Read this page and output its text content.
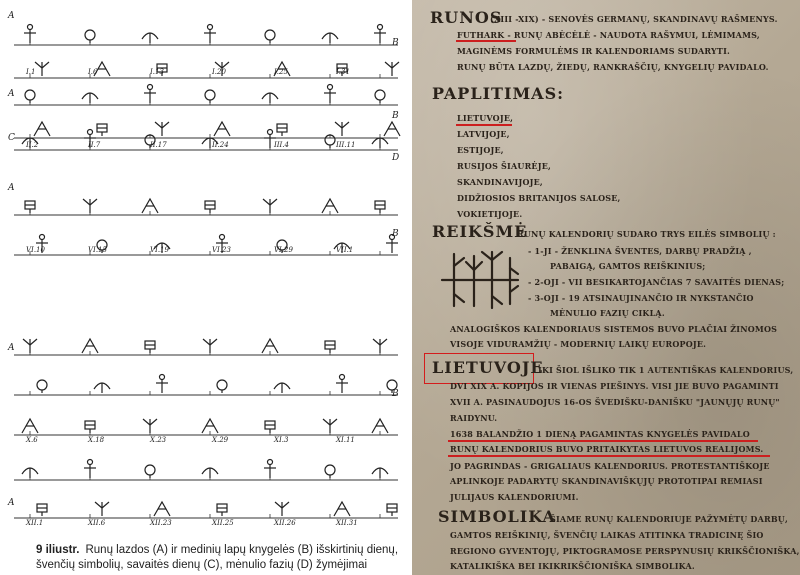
A
B
I.1	I.6	I.13	I.20	I.25	I.31
A
B
C
D
II.2	II.7	II.17	II.24	III.4	III.11
A
B
VI.10	VI.15	VI.19	VI.23	VI.29	VII.1
A
B
X.6	X.18	X.23	X.29	XI.3	XI.11
A
XII.1	XII.6	XII.23	XII.25	XII.26	XII.31
9 iliustr. Runų lazdos (A) ir medinių lapų knygelės (B) išskirtinių dienų, švenčių simbolių, savaitės dienų (C), mėnulio fazių (D) žymėjimai
RUNOS
(XIII -XIX) - SENOVĖS GERMANŲ, SKANDINAVŲ RAŠMENYS.
FUTHARK - RUNŲ ABĖCĖLĖ - NAUDOTA RAŠYMUI, LĖMIMAMS,
MAGINĖMS FORMULĖMS IR KALENDORIAMS SUDARYTI.
RUNŲ BŪTA LAZDŲ, ŽIEDŲ, RANKRAŠČIŲ, KNYGELIŲ PAVIDALO.
PAPLITIMAS:
LIETUVOJE,
LATVIJOJE,
ESTIJOJE,
RUSIJOS ŠIAURĖJE,
SKANDINAVIJOJE,
DIDŽIOSIOS BRITANIJOS SALOSE,
VOKIETIJOJE.
REIKŠMĖ
RUNŲ KALENDORIŲ SUDARO TRYS EILĖS SIMBOLIŲ :
- 1-JI - ŽENKLINA ŠVENTES, DARBŲ PRADŽIĄ ,
PABAIGĄ, GAMTOS REIŠKINIUS;
- 2-OJI - VII BESIKARTOJANČIAS 7 SAVAITĖS DIENAS;
- 3-OJI - 19 ATSINAUJINANČIO IR NYKSTANČIO
MĖNULIO FAZIŲ CIKLĄ.
ANALOGIŠKOS KALENDORIAUS SISTEMOS BUVO PLAČIAI ŽINOMOS
VISOJE VIDURAMŽIŲ - MODERNIŲ LAIKŲ EUROPOJE.
LIETUVOJE
IKI ŠIOL IŠLIKO TIK 1 AUTENTIŠKAS KALENDORIUS,
DVI XIX A. KOPIJOS IR VIENAS PIEŠINYS. VISI JIE BUVO PAGAMINTI
XVII A. PASINAUDOJUS 16-OS ŠVEDIŠKU-DANIŠKU "JAUNŲJŲ RUNŲ"
RAIDYNU.
1638 BALANDŽIO 1 DIENĄ PAGAMINTAS KNYGELĖS PAVIDALO
RUNŲ KALENDORIUS BUVO PRITAIKYTAS LIETUVOS REALIJOMS.
JO PAGRINDAS - GRIGALIAUS KALENDORIUS. PROTESTANTIŠKOJE
APLINKOJE PADARYTŲ SKANDINAVIŠKŲJŲ PROTOTIPAI REMIASI
JULIJAUS KALENDORIUMI.
SIMBOLIKA
ŠIAME RUNŲ KALENDORIUJE PAŽYMĖTŲ DARBŲ,
GAMTOS REIŠKINIŲ, ŠVENČIŲ LAIKAS ATITINKA TRADICINĘ ŠIO
REGIONO GYVENTOJŲ, PIKTOGRAMOSE PERSPYNUSIŲ KRIKŠČIONIŠKA,
KATALIKIŠKA BEI IKIKRIKŠČIONIŠKA SIMBOLIKA.
